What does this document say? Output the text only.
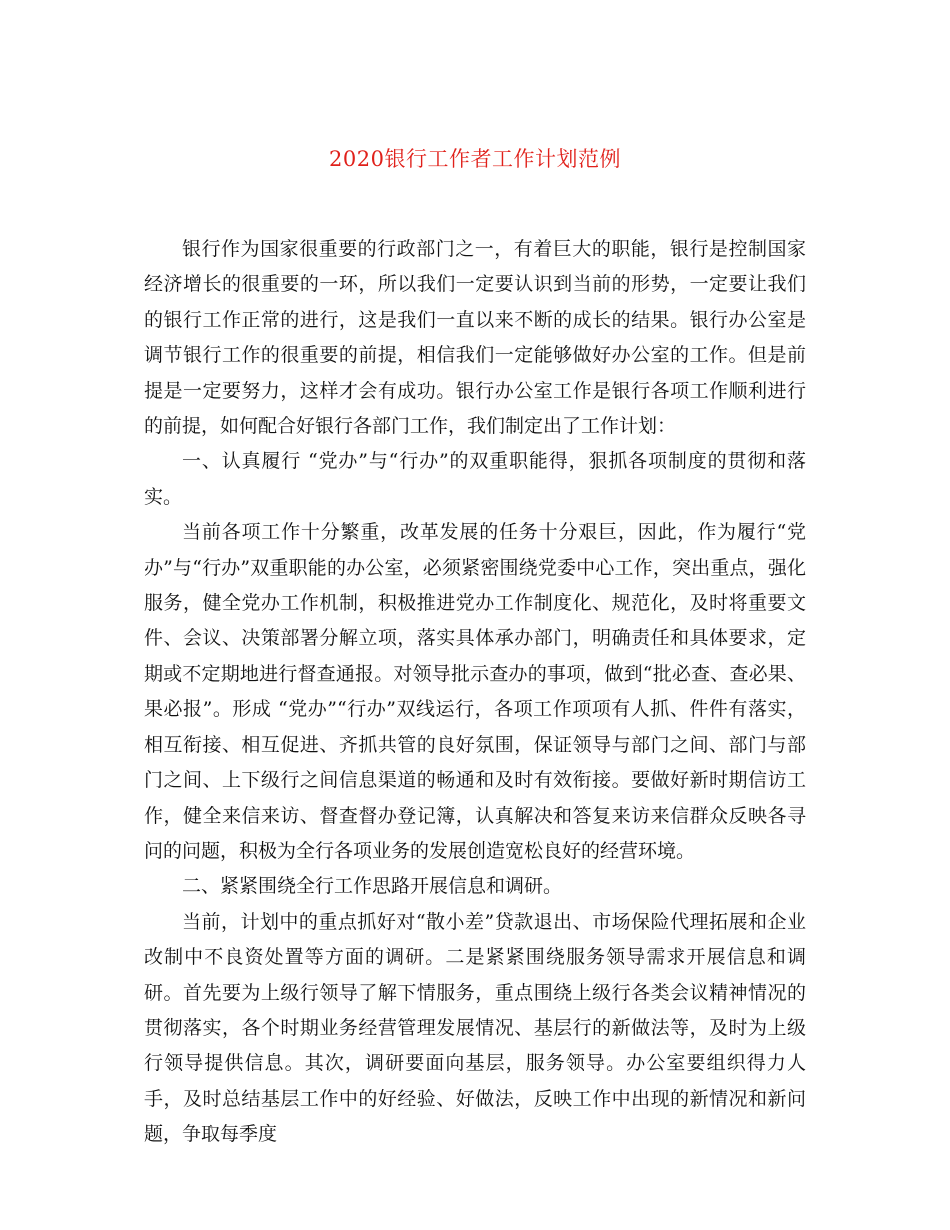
2020银行工作者工作计划范例

银行作为国家很重要的行政部门之一，有着巨大的职能，银行是控制国家经济增长的很重要的一环，所以我们一定要认识到当前的形势，一定要让我们的银行工作正常的进行，这是我们一直以来不断的成长的结果。银行办公室是调节银行工作的很重要的前提，相信我们一定能够做好办公室的工作。但是前提是一定要努力，这样才会有成功。银行办公室工作是银行各项工作顺利进行的前提，如何配合好银行各部门工作，我们制定出了工作计划：

一、认真履行 “党办”与“行办”的双重职能得，狠抓各项制度的贯彻和落实。

当前各项工作十分繁重，改革发展的任务十分艰巨，因此，作为履行“党办”与“行办”双重职能的办公室，必须紧密围绕党委中心工作，突出重点，强化服务，健全党办工作机制，积极推进党办工作制度化、规范化，及时将重要文件、会议、决策部署分解立项，落实具体承办部门，明确责任和具体要求，定期或不定期地进行督查通报。对领导批示查办的事项，做到“批必查、查必果、果必报”。形成 “党办”“行办”双线运行，各项工作项项有人抓、件件有落实，相互衔接、相互促进、齐抓共管的良好氛围，保证领导与部门之间、部门与部门之间、上下级行之间信息渠道的畅通和及时有效衔接。要做好新时期信访工作，健全来信来访、督查督办登记簿，认真解决和答复来访来信群众反映各寻问的问题，积极为全行各项业务的发展创造宽松良好的经营环境。

二、紧紧围绕全行工作思路开展信息和调研。

当前，计划中的重点抓好对“散小差”贷款退出、市场保险代理拓展和企业改制中不良资处置等方面的调研。二是紧紧围绕服务领导需求开展信息和调研。首先要为上级行领导了解下情服务，重点围绕上级行各类会议精神情况的贯彻落实，各个时期业务经营管理发展情况、基层行的新做法等，及时为上级行领导提供信息。其次，调研要面向基层，服务领导。办公室要组织得力人手，及时总结基层工作中的好经验、好做法，反映工作中出现的新情况和新问题，争取每季度
